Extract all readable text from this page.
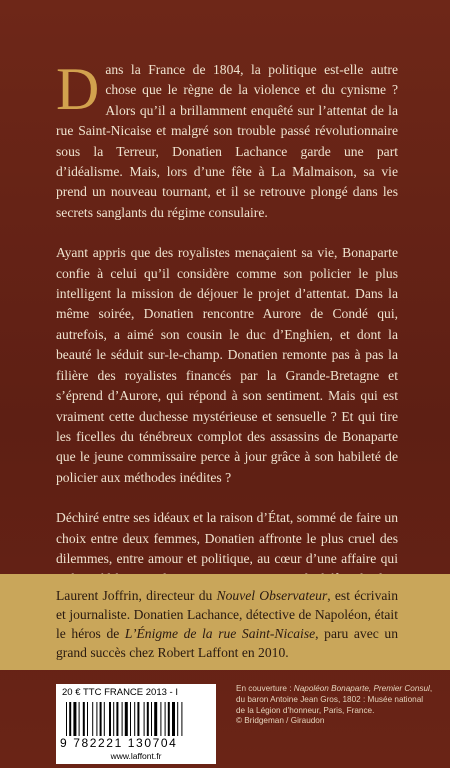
Dans la France de 1804, la politique est-elle autre chose que le règne de la violence et du cynisme ? Alors qu’il a brillamment enquêté sur l’attentat de la rue Saint-Nicaise et malgré son trouble passé révolutionnaire sous la Terreur, Donatien Lachance garde une part d’idéalisme. Mais, lors d’une fête à La Malmaison, sa vie prend un nouveau tournant, et il se retrouve plongé dans les secrets sanglants du régime consulaire.

Ayant appris que des royalistes menaçaient sa vie, Bonaparte confie à celui qu’il considère comme son policier le plus intelligent la mission de déjouer le projet d’attentat. Dans la même soirée, Donatien rencontre Aurore de Condé qui, autrefois, a aimé son cousin le duc d’Enghien, et dont la beauté le séduit sur-le-champ. Donatien remonte pas à pas la filière des royalistes financés par la Grande-Bretagne et s’éprend d’Aurore, qui répond à son sentiment. Mais qui est vraiment cette duchesse mystérieuse et sensuelle ? Et qui tire les ficelles du ténébreux complot des assassins de Bonaparte que le jeune commissaire perce à jour grâce à son habileté de policier aux méthodes inédites ?

Déchiré entre ses idéaux et la raison d’État, sommé de faire un choix entre deux femmes, Donatien affronte le plus cruel des dilemmes, entre amour et politique, au cœur d’une affaire qui

Laurent Joffrin, directeur du Nouvel Observateur, est écrivain et journaliste. Donatien Lachance, détective de Napoléon, était le héros de L’Énigme de la rue Saint-Nicaise, paru avec un grand succès chez Robert Laffont en 2010.

20 € TTC FRANCE 2013 - I
9 782221 130704
www.laffont.fr

En couverture : Napoléon Bonaparte, Premier Consul,

du baron Antoine Jean Gros, 1802 : Musée national

de la Légion d’honneur, Paris, France.

© Bridgeman / Giraudon
